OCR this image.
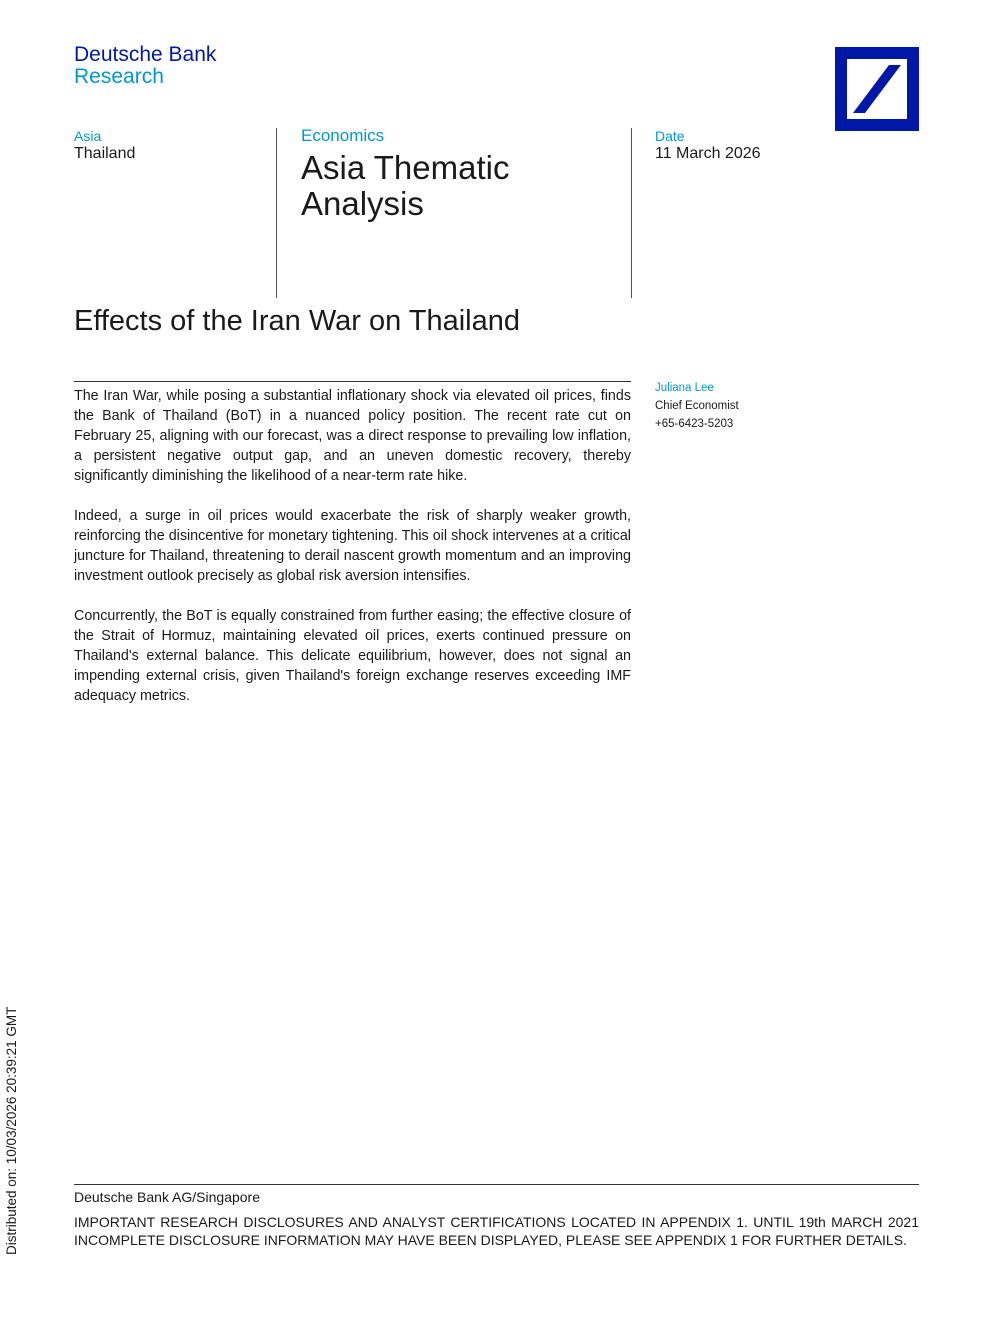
Deutsche Bank
Research
Asia
Thailand
Economics
Asia Thematic Analysis
Date
11 March 2026
Effects of the Iran War on Thailand

The Iran War, while posing a substantial inflationary shock via elevated oil prices, finds the Bank of Thailand (BoT) in a nuanced policy position. The recent rate cut on February 25, aligning with our forecast, was a direct response to prevailing low inflation, a persistent negative output gap, and an uneven domestic recovery, thereby significantly diminishing the likelihood of a near-term rate hike.

Indeed, a surge in oil prices would exacerbate the risk of sharply weaker growth, reinforcing the disincentive for monetary tightening. This oil shock intervenes at a critical juncture for Thailand, threatening to derail nascent growth momentum and an improving investment outlook precisely as global risk aversion intensifies.

Concurrently, the BoT is equally constrained from further easing; the effective closure of the Strait of Hormuz, maintaining elevated oil prices, exerts continued pressure on Thailand's external balance. This delicate equilibrium, however, does not signal an impending external crisis, given Thailand's foreign exchange reserves exceeding IMF adequacy metrics.

Juliana Lee
Chief Economist
+65-6423-5203
Distributed on: 10/03/2026 20:39:21 GMT	Deutsche Bank AG/Singapore
IMPORTANT RESEARCH DISCLOSURES AND ANALYST CERTIFICATIONS LOCATED IN APPENDIX 1. UNTIL 19th MARCH 2021 INCOMPLETE DISCLOSURE INFORMATION MAY HAVE BEEN DISPLAYED, PLEASE SEE APPENDIX 1 FOR FURTHER DETAILS.
